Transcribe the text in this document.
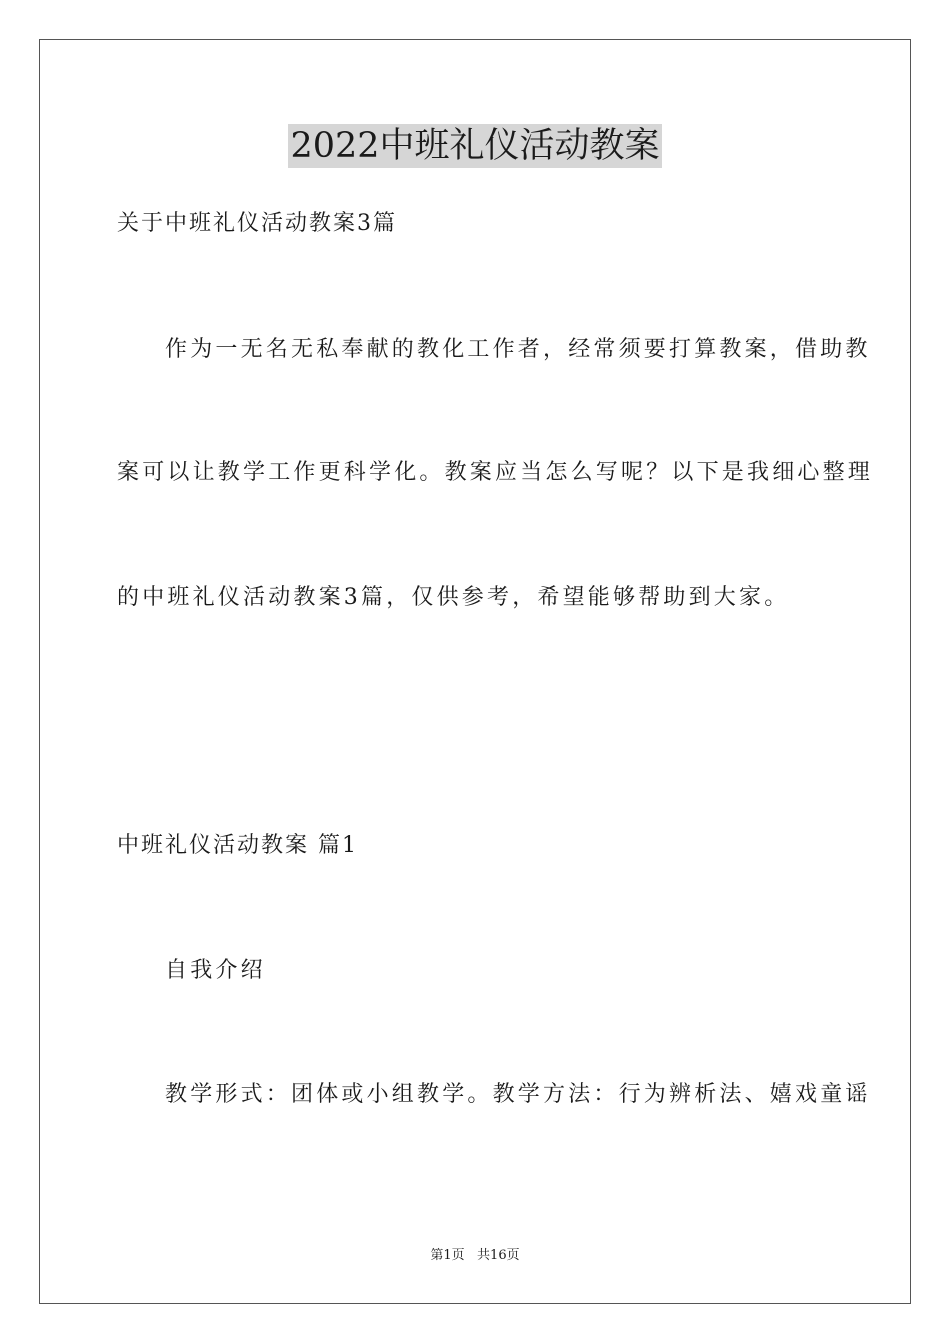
2022中班礼仪活动教案
关于中班礼仪活动教案3篇
作为一无名无私奉献的教化工作者，经常须要打算教案，借助教
案可以让教学工作更科学化。教案应当怎么写呢？以下是我细心整理
的中班礼仪活动教案3篇，仅供参考，希望能够帮助到大家。
中班礼仪活动教案 篇1
自我介绍
教学形式：团体或小组教学。教学方法：行为辨析法、嬉戏童谣
第1页   共16页
